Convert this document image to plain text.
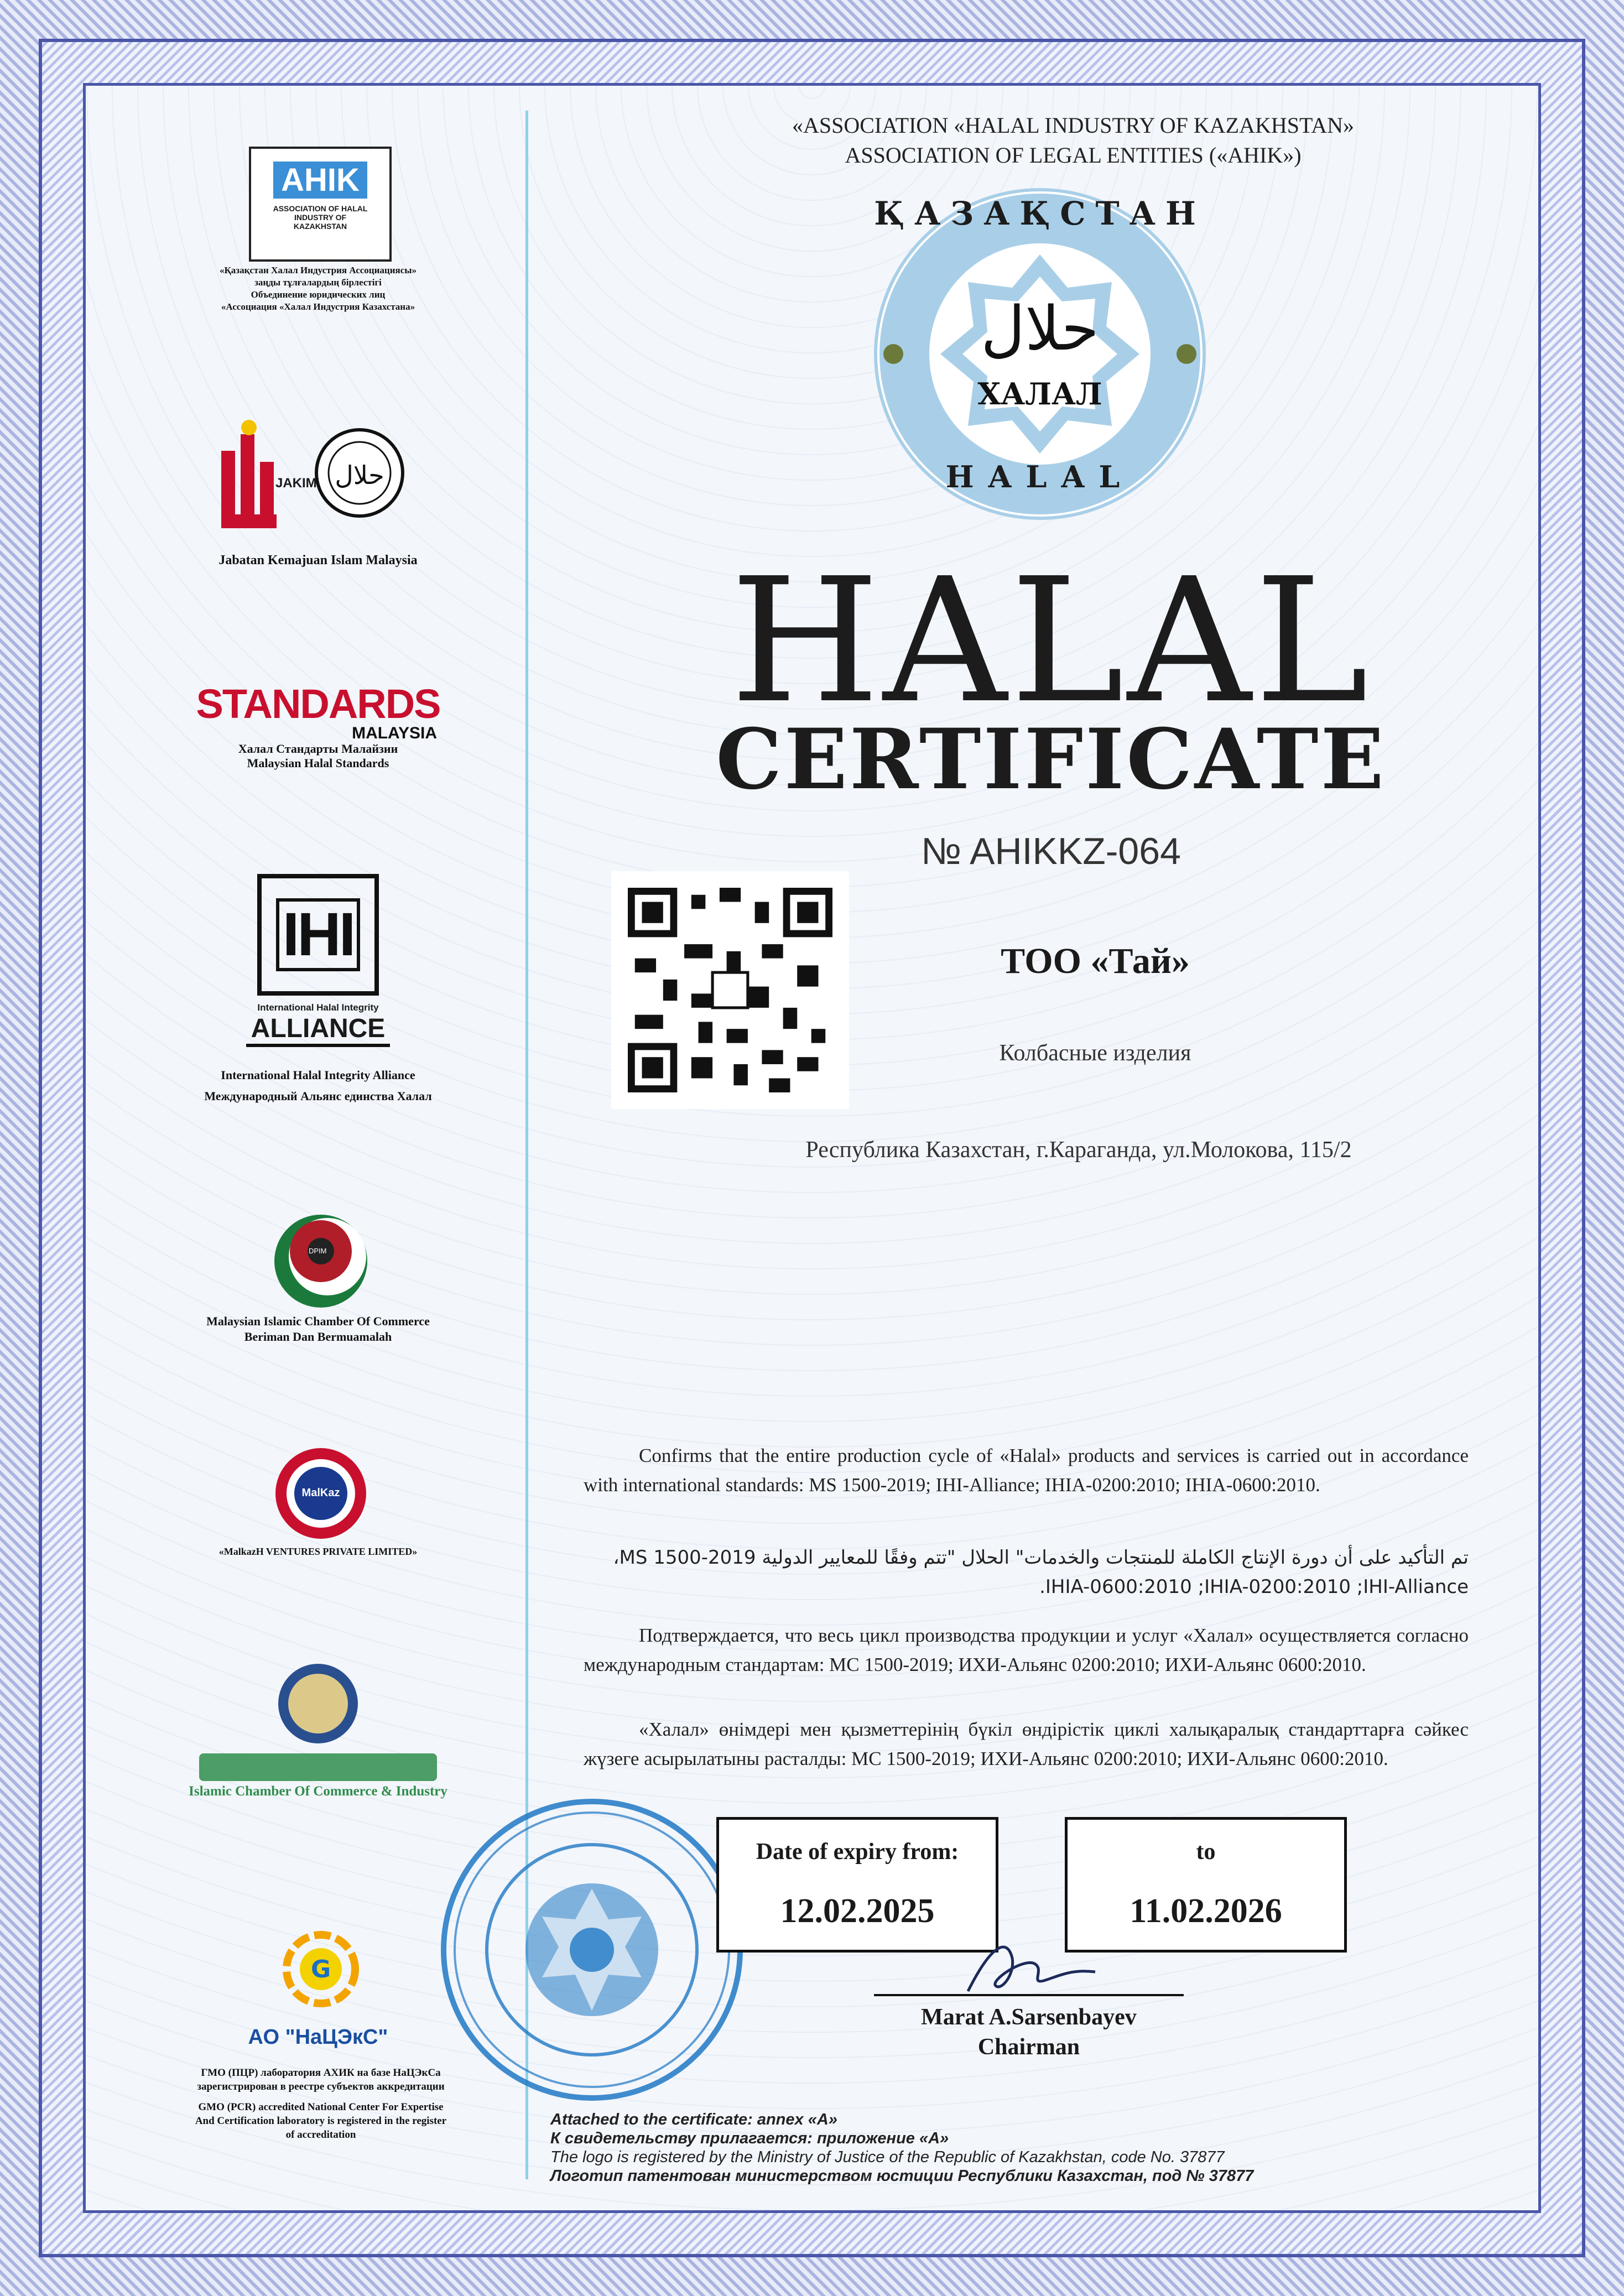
AHIK
ASSOCIATION OF HALAL INDUSTRY OF KAZAKHSTAN
«Қазақстан Халал Индустрия Ассоциациясы»
заңды тұлғалардың бірлестігі
Объединение юридических лиц
«Ассоциация «Халал Индустрия Казахстана»
حلال
JAKIM
Jabatan Kemajuan Islam Malaysia
STANDARDS
MALAYSIA
Халал Стандарты Малайзии
Malaysian Halal Standards
IHI
International Halal Integrity
ALLIANCE
International Halal Integrity Alliance
Международный Альянс единства Халал
DPIM
Malaysian Islamic Chamber Of Commerce
Beriman Dan Bermuamalah
MalKaz
«MalkazH VENTURES PRIVATE LIMITED»
Islamic Chamber Of Commerce & Industry
G
АО "НаЦЭкС"
ГМО (ПЦР) лаборатория АХИК на базе НаЦЭкСа
зарегистрирован в реестре субъектов аккредитации
GMO (PCR) accredited National Center For Expertise
And Certification laboratory is registered in the register
of accreditation
«ASSOCIATION «HALAL INDUSTRY OF KAZAKHSTAN»
ASSOCIATION OF LEGAL ENTITIES («AHIK»)
ҚАЗАҚСТАН
حلال
ХАЛАЛ
HALAL
HALAL
CERTIFICATE
№ AHIKKZ-064
ТОО «Тай»
Колбасные изделия
Республика Казахстан, г.Караганда, ул.Молокова, 115/2
Confirms that the entire production cycle of «Halal» products and services is carried out in accordance with international standards: MS 1500-2019; IHI-Alliance; IHIA-0200:2010; IHIA-0600:2010.
تم التأكيد على أن دورة الإنتاج الكاملة للمنتجات والخدمات" الحلال "تتم وفقًا للمعايير الدولية MS 1500-2019،
IHIA-0600:2010 ;IHIA-0200:2010 ;IHI-Alliance.
Подтверждается, что весь цикл производства продукции и услуг «Халал» осуществляется согласно международным стандартам: МС 1500-2019; ИХИ-Альянс 0200:2010; ИХИ-Альянс 0600:2010.
«Халал» өнімдері мен қызметтерінің бүкіл өндірістік циклі халықаралық стандарттарға сәйкес жүзеге асырылатыны расталды: МС 1500-2019; ИХИ-Альянс 0200:2010; ИХИ-Альянс 0600:2010.
Date of expiry from:
12.02.2025
to
11.02.2026
Marat A.Sarsenbayev
Chairman
Attached to the certificate: annex «A»
К свидетельству прилагается: приложение «А»
The logo is registered by the Ministry of Justice of the Republic of Kazakhstan, code No. 37877
Логотип патентован министерством юстиции Республики Казахстан, под № 37877
